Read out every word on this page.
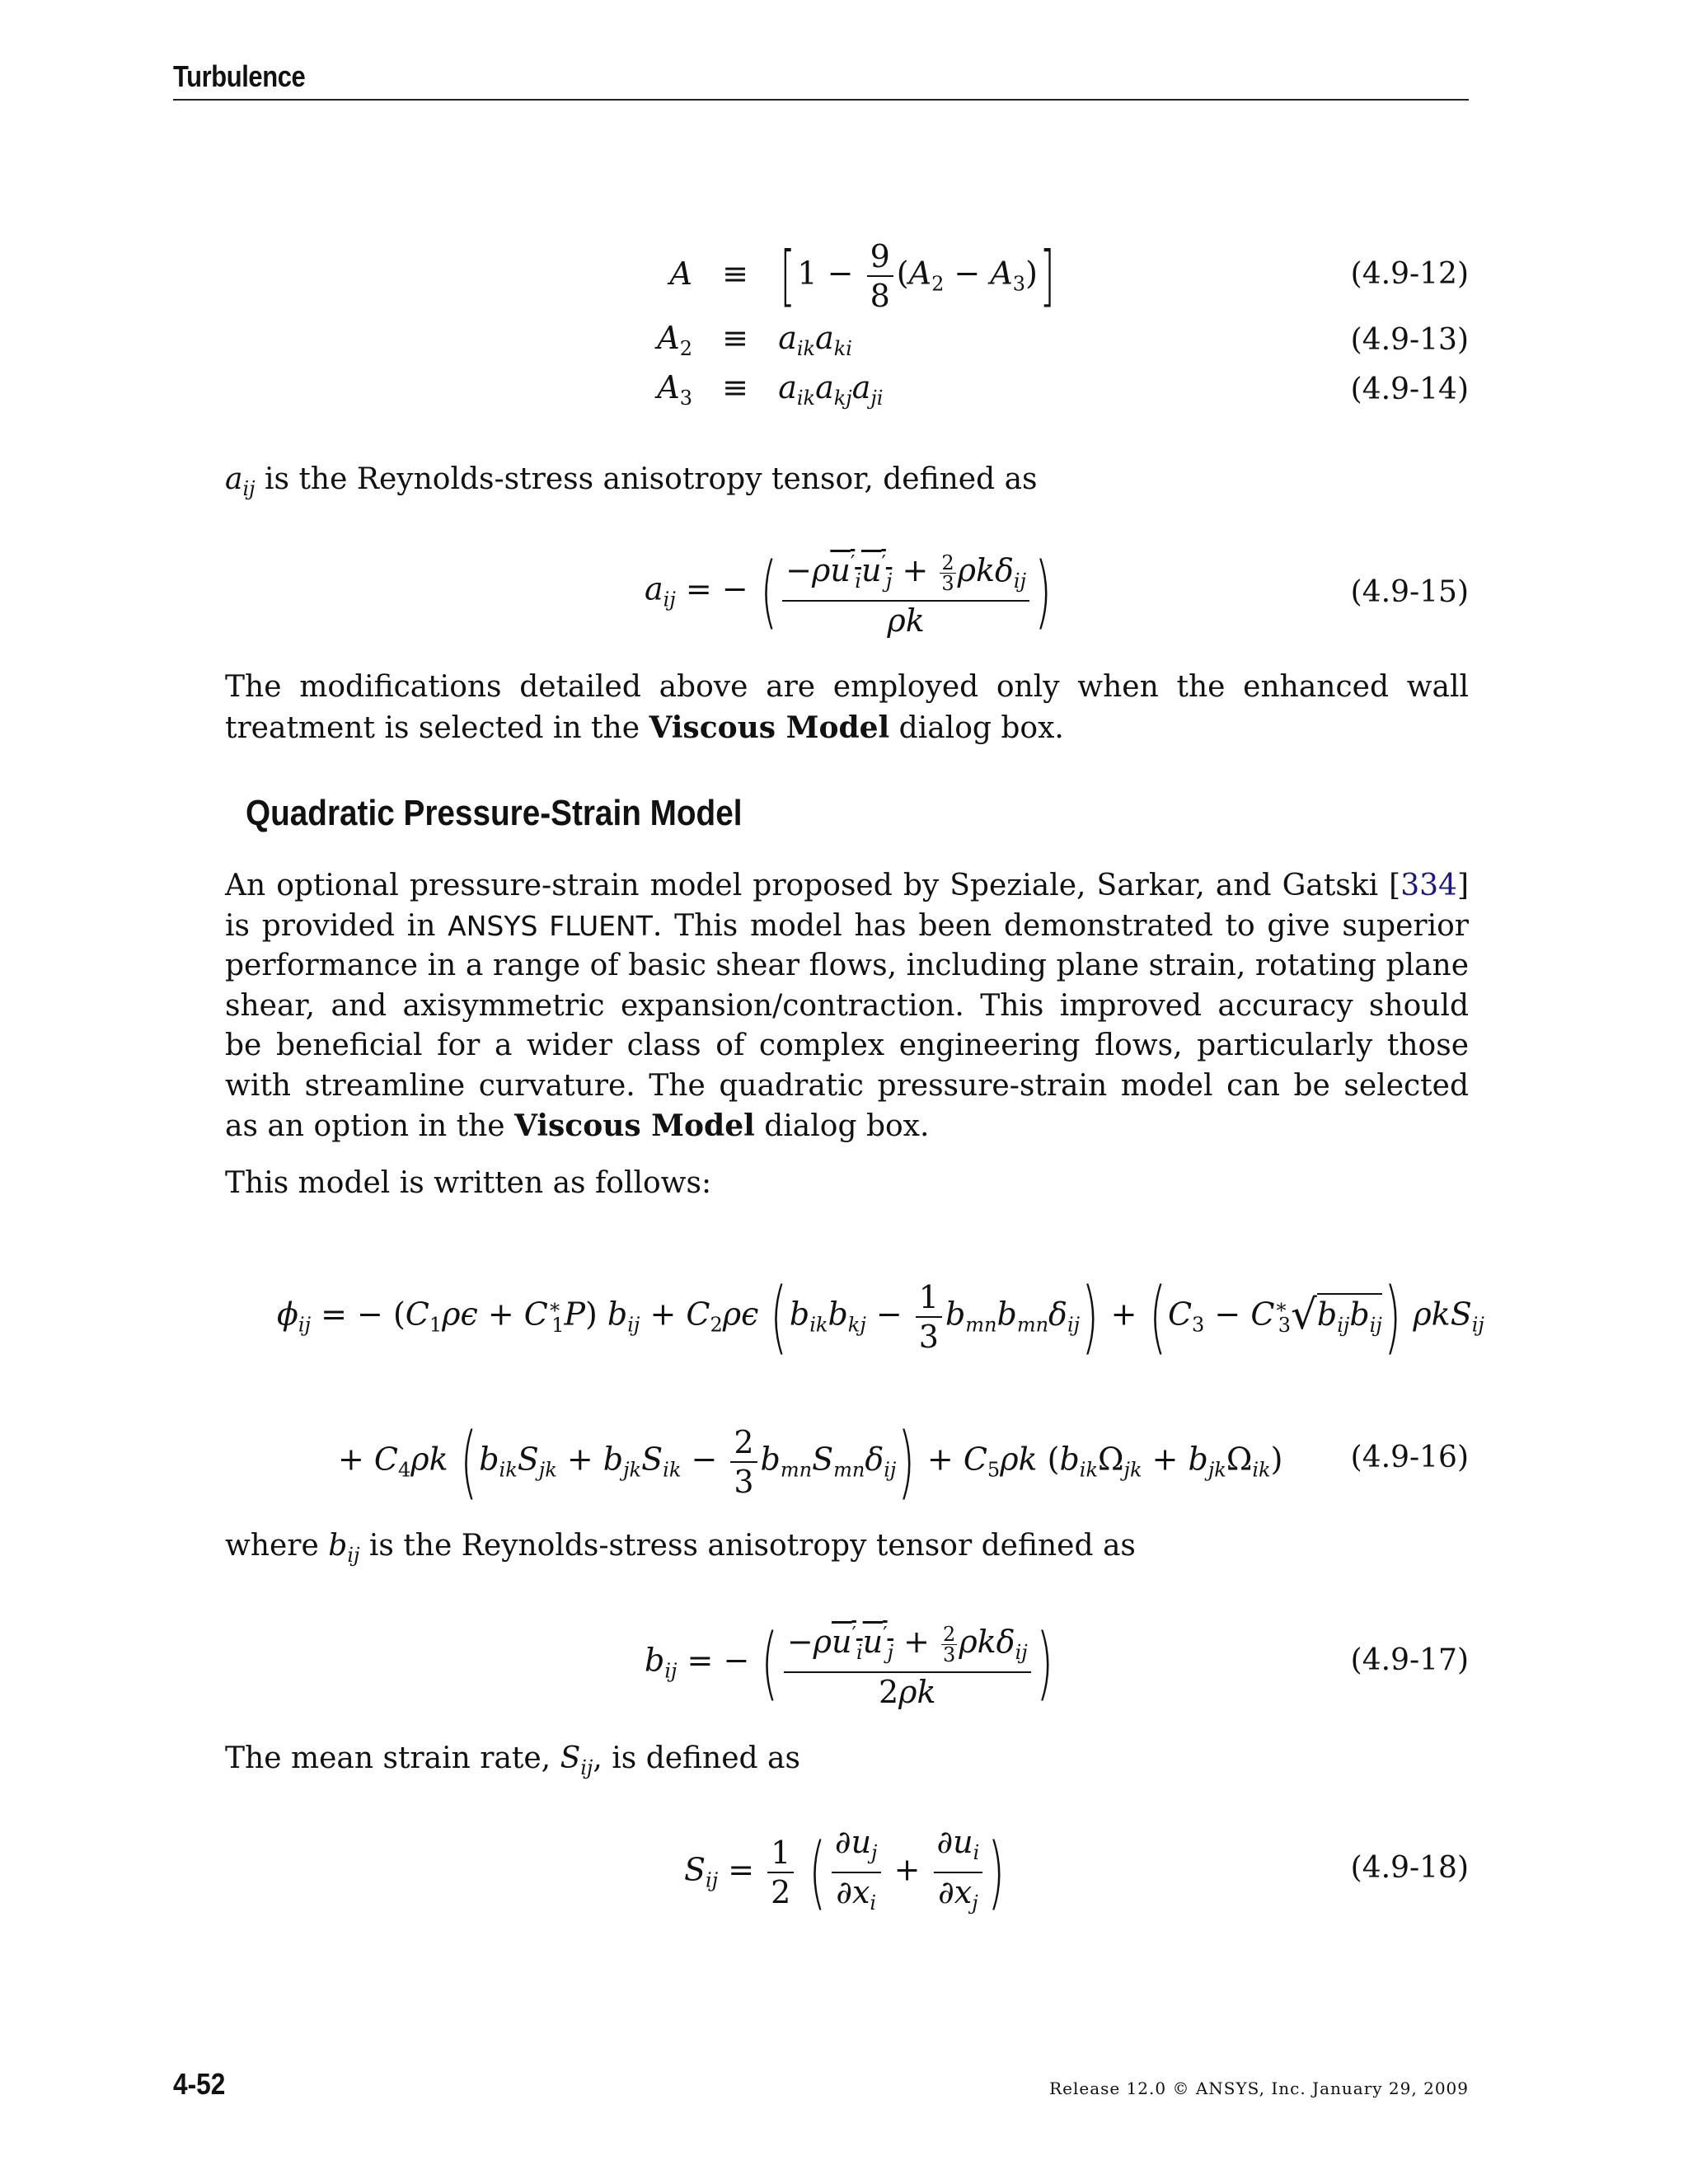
Turbulence
$A \equiv [1 - \frac{9}{8} (A_2 - A_3)]$	(4.9-12)
$A_2 \equiv a_{ik}a_{ki}$	(4.9-13)
$A_3 \equiv a_{ik}a_{kj}a_{ji}$	(4.9-14)
$a_{ij}$ is the Reynolds-stress anisotropy tensor, defined as
$a_{ij}$ = − ( $\frac{-\rho u'_iu'_j + \frac{2}{3} \rho k\delta_{ij}}{\rho k}$ )	(4.9-15)
The modifications detailed above are employed only when the enhanced wall treatment is selected in the Viscous Model dialog box.
Quadratic Pressure-Strain Model
An optional pressure-strain model proposed by Speziale, Sarkar, and Gatski [334] is provided in ANSYS FLUENT. This model has been demonstrated to give superior performance in a range of basic shear flows, including plane strain, rotating plane shear, and axisymmetric expansion/contraction. This improved accuracy should be beneficial for a wider class of complex engineering flows, particularly those with streamline curvature. The quadratic pressure-strain model can be selected as an option in the Viscous Model dialog box.
This model is written as follows:
$\phi_{ij}$ = − $(C_1\rho\epsilon + C^∗_1P) b_{ij} + C_2\rho\epsilon$ $(b_{ik}b_{kj} - \frac{1}{3} b_{mn}b_{mn}\delta_{ij}) + (C_3 - C^∗_3√b_{ij}b_{ij})$ ρkS$_{ij}$
+ $C_4\rho k$ $(b_{ik}S_{jk} + b_{jk}S_{ik} - \frac{2}{3} b_{mn}S_{mn}\delta_{ij}) + C_5\rho k$ $(b_{ik}\Omega_{jk} + b_{jk}\Omega_{ik})$ (4.9-16)
where $b_{ij}$ is the Reynolds-stress anisotropy tensor defined as
$b_{ij}$ = − ( $\frac{-\rho u'_iu'_j + \frac{2}{3} \rho k\delta_{ij}}{2\rho k}$ )	(4.9-17)
The mean strain rate, $S_{ij}$, is defined as
$S_{ij} = \frac{1}{2}$ ( $\frac{\partial u_j}{\partial x_i} + \frac{\partial u_i}{\partial x_j}$ )	(4.9-18)
4-52	Release 12.0 © ANSYS, Inc. January 29, 2009
